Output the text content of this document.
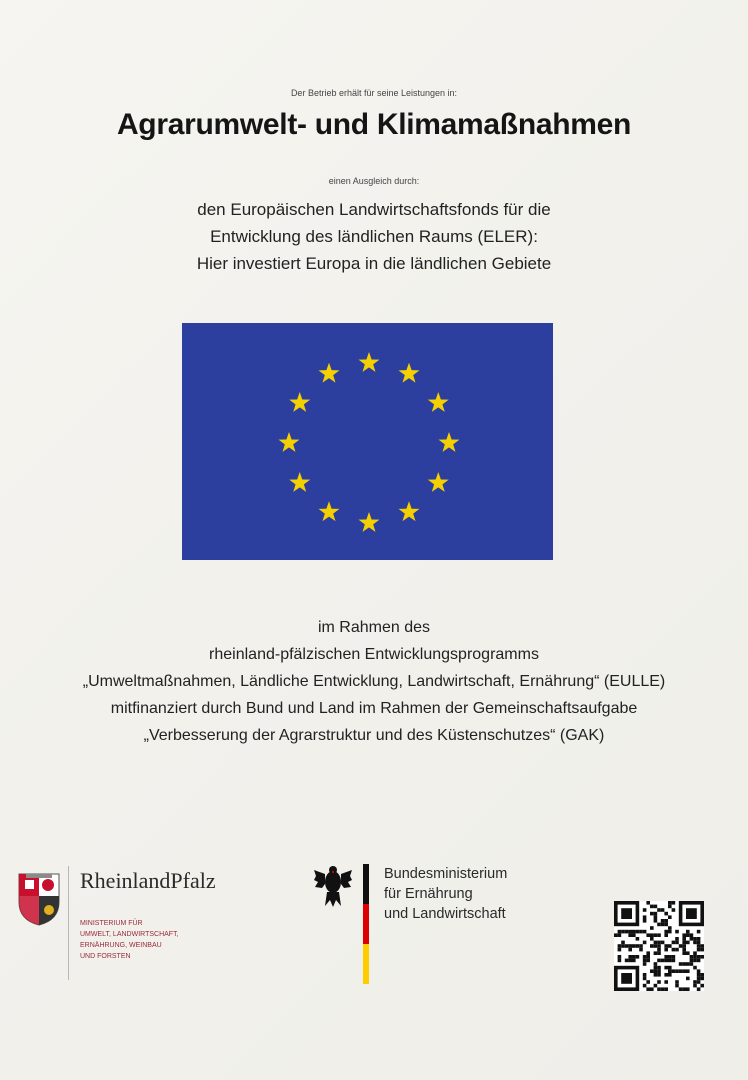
Der Betrieb erhält für seine Leistungen in:
Agrarumwelt- und Klimamaßnahmen
einen Ausgleich durch:
den Europäischen Landwirtschaftsfonds für die
Entwicklung des ländlichen Raums (ELER):
Hier investiert Europa in die ländlichen Gebiete
im Rahmen des
rheinland-pfälzischen Entwicklungsprogramms
„Umweltmaßnahmen, Ländliche Entwicklung, Landwirtschaft, Ernährung“ (EULLE)
mitfinanziert durch Bund und Land im Rahmen der Gemeinschaftsaufgabe
„Verbesserung der Agrarstruktur und des Küstenschutzes“ (GAK)
RheinlandPfalz
MINISTERIUM FÜR
UMWELT, LANDWIRTSCHAFT,
ERNÄHRUNG, WEINBAU
UND FORSTEN
Bundesministerium
für Ernährung
und Landwirtschaft
